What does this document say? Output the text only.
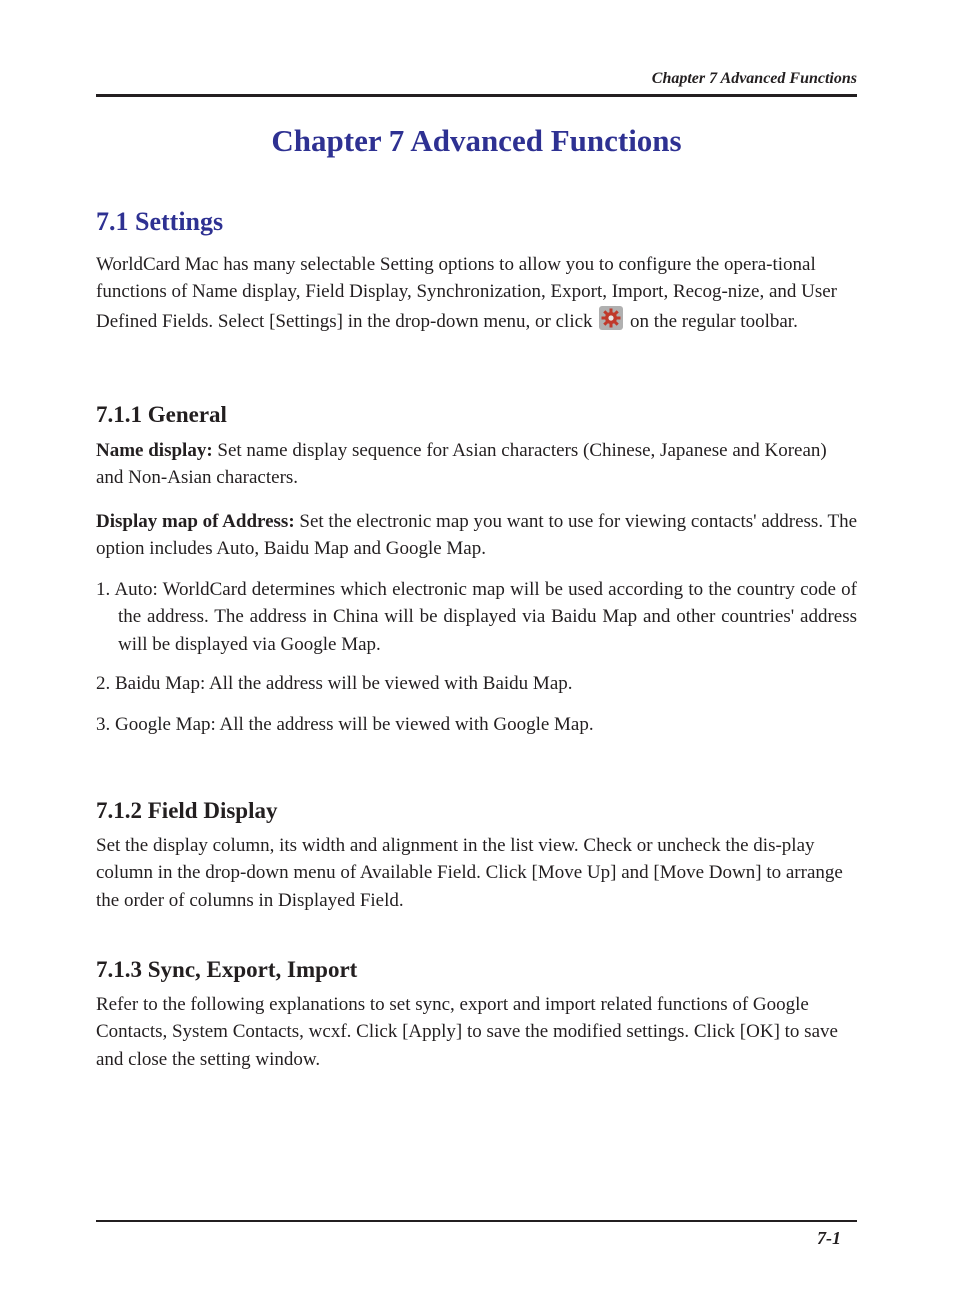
Chapter 7 Advanced Functions
Chapter 7 Advanced Functions
7.1 Settings

WorldCard Mac has many selectable Setting options to allow you to configure the opera-tional functions of Name display, Field Display, Synchronization, Export, Import, Recog-nize, and User Defined Fields. Select [Settings] in the drop-down menu, or click on the regular toolbar.

7.1.1 General

Name display: Set name display sequence for Asian characters (Chinese, Japanese and Korean) and Non-Asian characters.

Display map of Address: Set the electronic map you want to use for viewing contacts' address. The option includes Auto, Baidu Map and Google Map.

1. Auto: WorldCard determines which electronic map will be used according to the country code of the address. The address in China will be displayed via Baidu Map and other countries' address will be displayed via Google Map.

2. Baidu Map: All the address will be viewed with Baidu Map.

3. Google Map: All the address will be viewed with Google Map.

7.1.2 Field Display

Set the display column, its width and alignment in the list view. Check or uncheck the dis-play column in the drop-down menu of Available Field. Click [Move Up] and [Move Down] to arrange the order of columns in Displayed Field.

7.1.3 Sync, Export, Import

Refer to the following explanations to set sync, export and import related functions of Google Contacts, System Contacts, wcxf. Click [Apply] to save the modified settings. Click [OK] to save and close the setting window.

7-1
